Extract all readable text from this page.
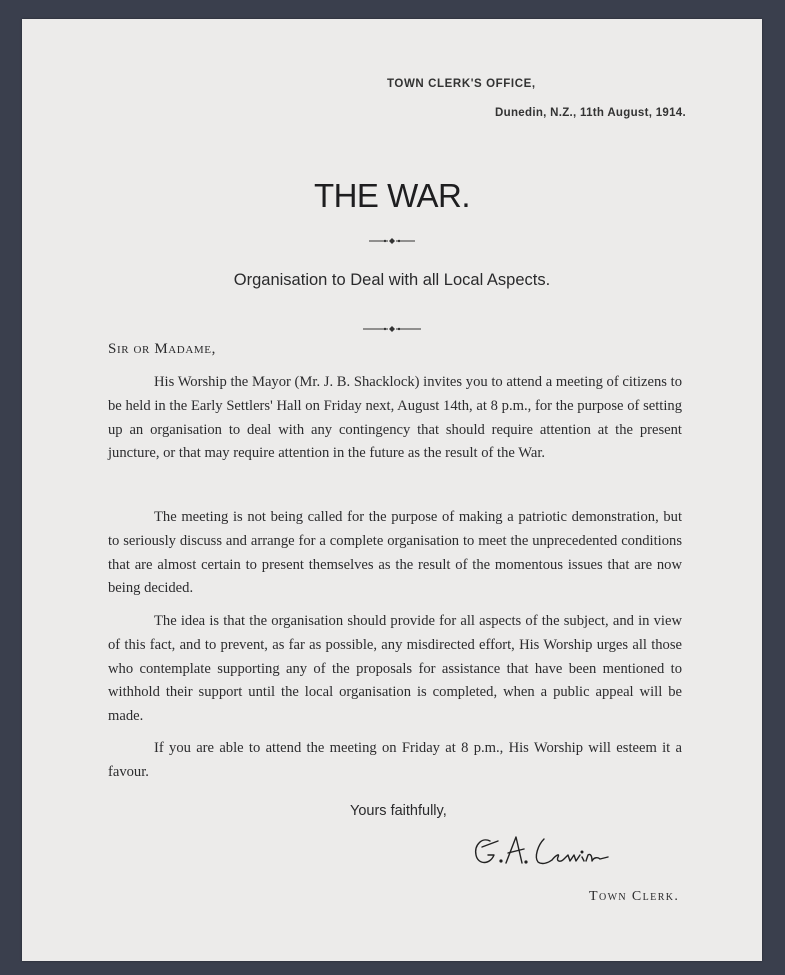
TOWN CLERK'S OFFICE,
Dunedin, N.Z., 11th August, 1914.
THE WAR.
Organisation to Deal with all Local Aspects.
Sir or Madame,

His Worship the Mayor (Mr. J. B. Shacklock) invites you to attend a meeting of citizens to be held in the Early Settlers' Hall on Friday next, August 14th, at 8 p.m., for the purpose of setting up an organisation to deal with any contingency that should require attention at the present juncture, or that may require attention in the future as the result of the War.

The meeting is not being called for the purpose of making a patriotic demonstration, but to seriously discuss and arrange for a complete organisation to meet the unprecedented conditions that are almost certain to present themselves as the result of the momentous issues that are now being decided.

The idea is that the organisation should provide for all aspects of the subject, and in view of this fact, and to prevent, as far as possible, any misdirected effort, His Worship urges all those who contemplate supporting any of the proposals for assistance that have been mentioned to withhold their support until the local organisation is completed, when a public appeal will be made.

If you are able to attend the meeting on Friday at 8 p.m., His Worship will esteem it a favour.

Yours faithfully,
Town Clerk.
